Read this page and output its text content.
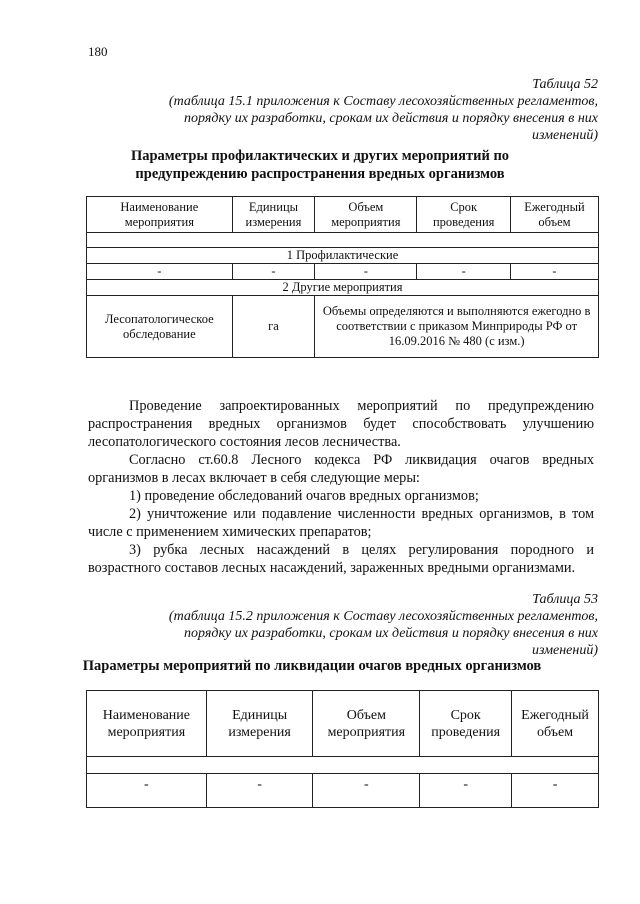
180
Таблица 52
(таблица 15.1 приложения к Составу лесохозяйственных регламентов,
порядку их разработки, срокам их действия и порядку внесения в них
изменений)
Параметры профилактических и других мероприятий по
предупреждению распространения вредных организмов
Наименование мероприятия	Единицы измерения	Объем мероприятия	Срок проведения	Ежегодный объем

1 Профилактические				
-	-	-	-	-
2 Другие мероприятия				
Лесопатологическое обследование	га	Объемы определяются и выполняются ежегодно в соответствии с приказом Минприроды РФ от 16.09.2016 № 480 (с изм.)		
Проведение запроектированных мероприятий по предупреждению распространения вредных организмов будет способствовать улучшению лесопатологического состояния лесов лесничества.
Согласно ст.60.8 Лесного кодекса РФ ликвидация очагов вредных организмов в лесах включает в себя следующие меры:
1) проведение обследований очагов вредных организмов;
2) уничтожение или подавление численности вредных организмов, в том числе с применением химических препаратов;
3) рубка лесных насаждений в целях регулирования породного и возрастного составов лесных насаждений, зараженных вредными организмами.
Таблица 53
(таблица 15.2 приложения к Составу лесохозяйственных регламентов,
порядку их разработки, срокам их действия и порядку внесения в них
изменений)
Параметры мероприятий по ликвидации очагов вредных организмов
Наименование мероприятия	Единицы измерения	Объем мероприятия	Срок проведения	Ежегодный объем

-	-	-	-	-
